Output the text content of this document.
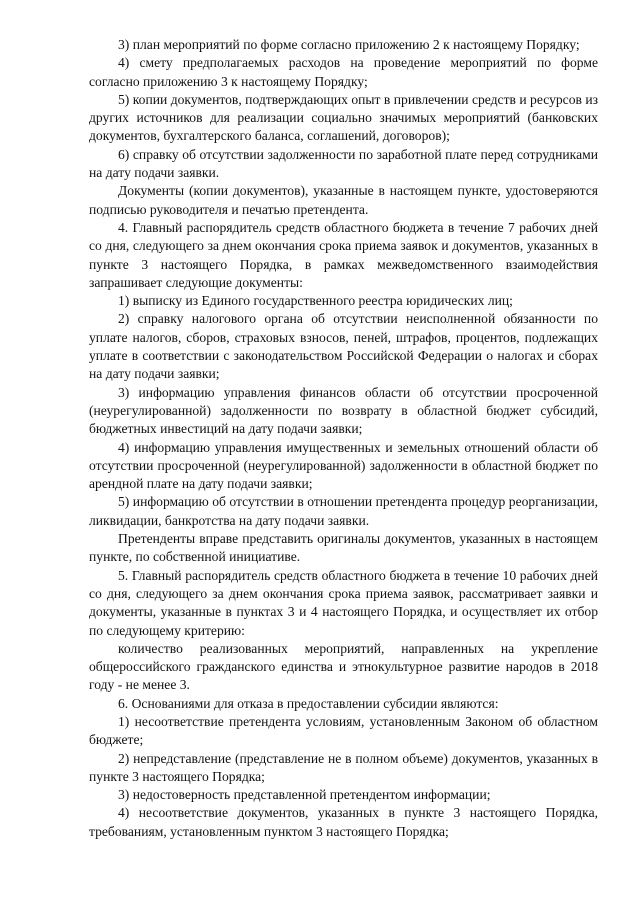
3) план мероприятий по форме согласно приложению 2 к настоящему Порядку;

4) смету предполагаемых расходов на проведение мероприятий по форме согласно приложению 3 к настоящему Порядку;

5) копии документов, подтверждающих опыт в привлечении средств и ресурсов из других источников для реализации социально значимых мероприятий (банковских документов, бухгалтерского баланса, соглашений, договоров);

6) справку об отсутствии задолженности по заработной плате перед сотрудниками на дату подачи заявки.

Документы (копии документов), указанные в настоящем пункте, удостоверяются подписью руководителя и печатью претендента.

4. Главный распорядитель средств областного бюджета в течение 7 рабочих дней со дня, следующего за днем окончания срока приема заявок и документов, указанных в пункте 3 настоящего Порядка, в рамках межведомственного взаимодействия запрашивает следующие документы:

1) выписку из Единого государственного реестра юридических лиц;

2) справку налогового органа об отсутствии неисполненной обязанности по уплате налогов, сборов, страховых взносов, пеней, штрафов, процентов, подлежащих уплате в соответствии с законодательством Российской Федерации о налогах и сборах на дату подачи заявки;

3) информацию управления финансов области об отсутствии просроченной (неурегулированной) задолженности по возврату в областной бюджет субсидий, бюджетных инвестиций на дату подачи заявки;

4) информацию управления имущественных и земельных отношений области об отсутствии просроченной (неурегулированной) задолженности в областной бюджет по арендной плате на дату подачи заявки;

5) информацию об отсутствии в отношении претендента процедур реорганизации, ликвидации, банкротства на дату подачи заявки.

Претенденты вправе представить оригиналы документов, указанных в настоящем пункте, по собственной инициативе.

5. Главный распорядитель средств областного бюджета в течение 10 рабочих дней со дня, следующего за днем окончания срока приема заявок, рассматривает заявки и документы, указанные в пунктах 3 и 4 настоящего Порядка, и осуществляет их отбор по следующему критерию:

количество реализованных мероприятий, направленных на укрепление общероссийского гражданского единства и этнокультурное развитие народов в 2018 году - не менее 3.

6. Основаниями для отказа в предоставлении субсидии являются:

1) несоответствие претендента условиям, установленным Законом об областном бюджете;

2) непредставление (представление не в полном объеме) документов, указанных в пункте 3 настоящего Порядка;

3) недостоверность представленной претендентом информации;

4) несоответствие документов, указанных в пункте 3 настоящего Порядка, требованиям, установленным пунктом 3 настоящего Порядка;
